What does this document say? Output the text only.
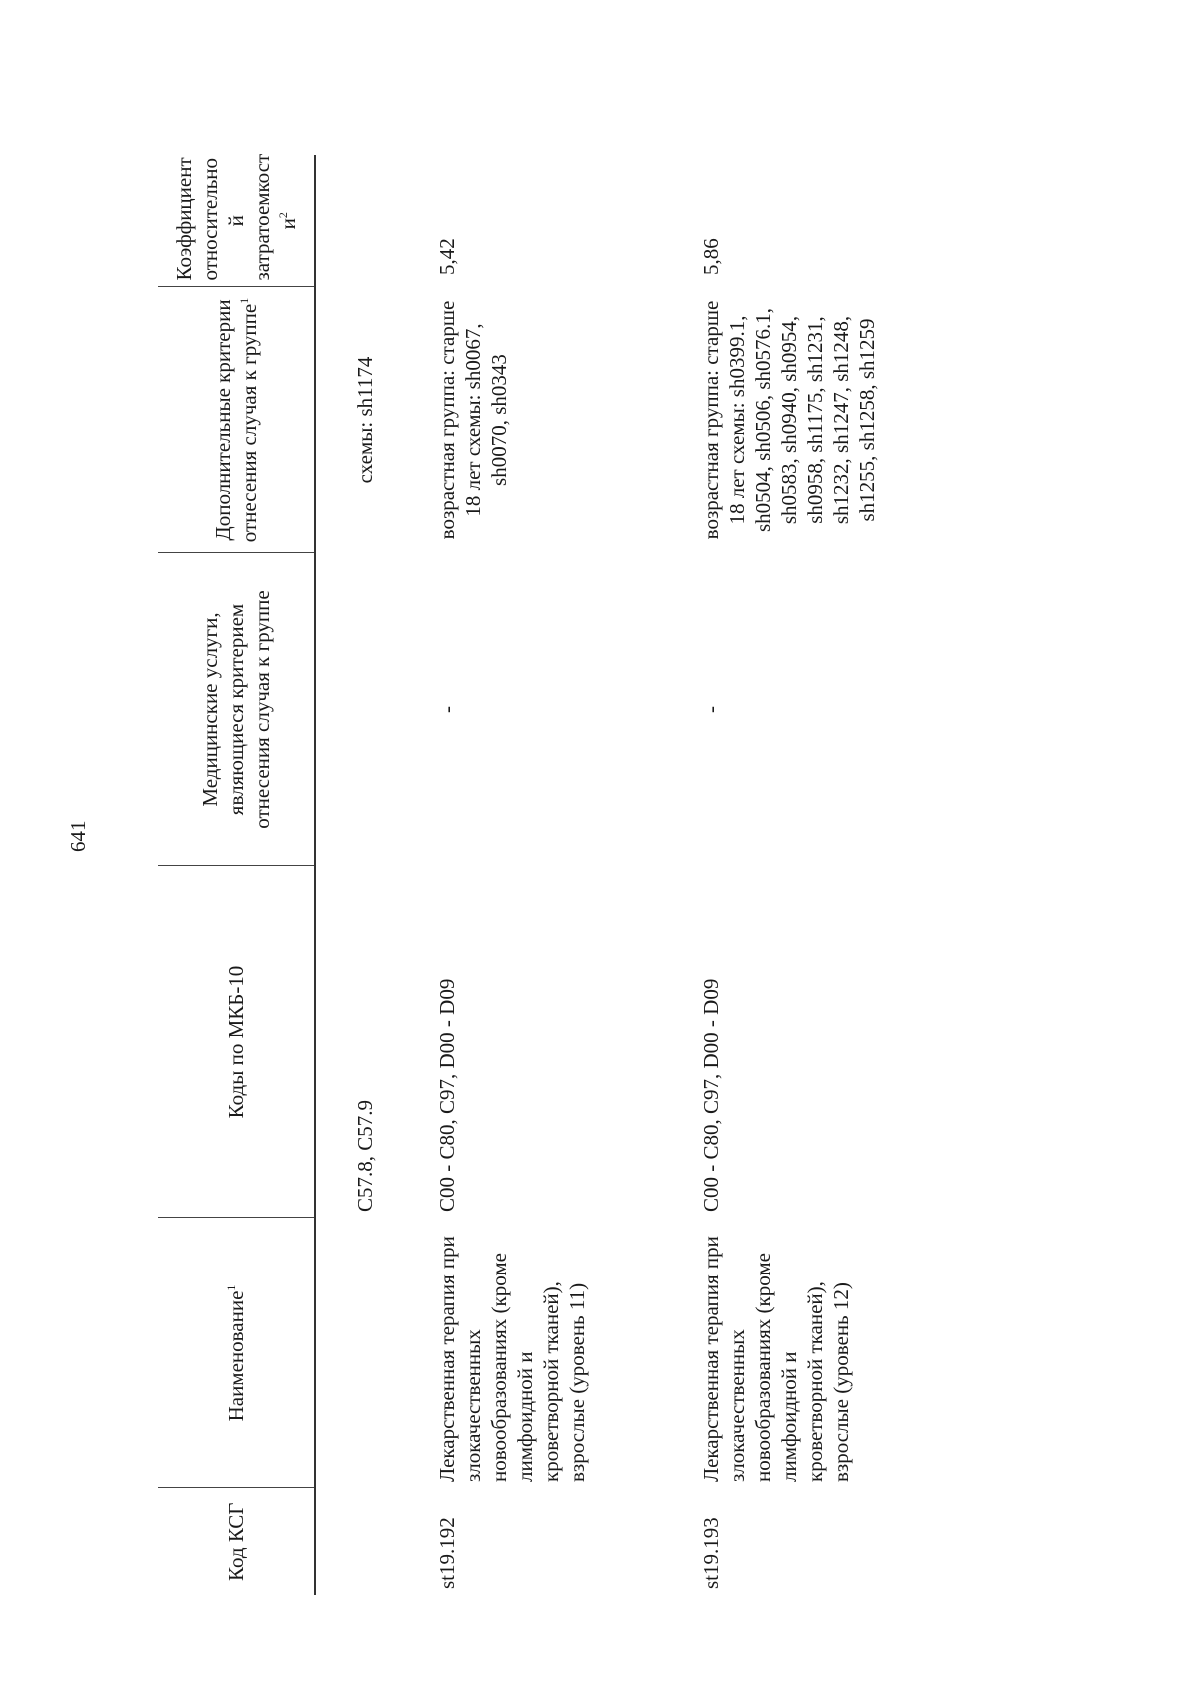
641
Код КСГ	Наименование$^1$	Коды по МКБ-10	Медицинские услуги, являющиеся критерием отнесения случая к группе	Дополнительные критерии отнесения случая к группе$^1$	Коэффициент относительно й затратоемкост $и^2$
		C57.8, C57.9		схемы: sh1174	
st19.192	Лекарственная терапия при злокачественных новообразованиях (кроме лимфоидной и кроветворной тканей), взрослые (уровень 11)	C00 - C80, C97, D00 - D09	-	возрастная группа: старше 18 лет схемы: sh0067, sh0070, sh0343	5,42
st19.193	Лекарственная терапия при злокачественных новообразованиях (кроме лимфоидной и кроветворной тканей), взрослые (уровень 12)	C00 - C80, C97, D00 - D09	-	возрастная группа: старше 18 лет схемы: sh0399.1, sh0504, sh0506, sh0576.1, sh0583, sh0940, sh0954, sh0958, sh1175, sh1231, sh1232, sh1247, sh1248, sh1255, sh1258, sh1259	5,86
